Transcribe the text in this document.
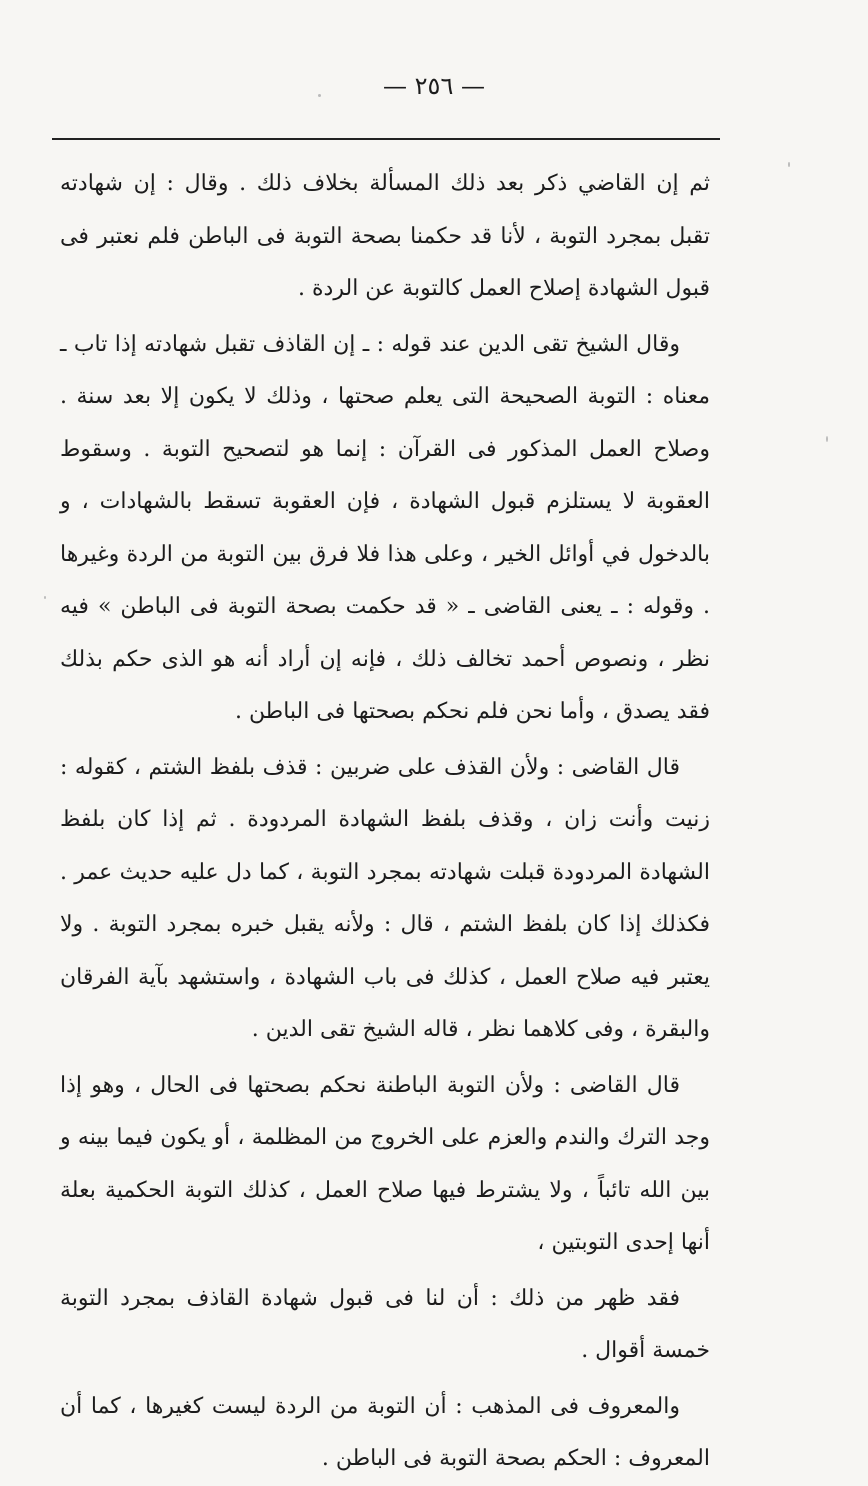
— ٢٥٦ —

ثم إن القاضي ذكر بعد ذلك المسألة بخلاف ذلك . وقال : إن شهادته تقبل بمجرد التوبة ، لأنا قد حكمنا بصحة التوبة فى الباطن فلم نعتبر فى قبول الشهادة إصلاح العمل كالتوبة عن الردة .

وقال الشيخ تقى الدين عند قوله : ـ إن القاذف تقبل شهادته إذا تاب ـ معناه : التوبة الصحيحة التى يعلم صحتها ، وذلك لا يكون إلا بعد سنة . وصلاح العمل المذكور فى القرآن : إنما هو لتصحيح التوبة . وسقوط العقوبة لا يستلزم قبول الشهادة ، فإن العقوبة تسقط بالشهادات ، و بالدخول في أوائل الخير ، وعلى هذا فلا فرق بين التوبة من الردة وغيرها . وقوله : ـ يعنى القاضى ـ « قد حكمت بصحة التوبة فى الباطن » فيه نظر ، ونصوص أحمد تخالف ذلك ، فإنه إن أراد أنه هو الذى حكم بذلك فقد يصدق ، وأما نحن فلم نحكم بصحتها فى الباطن .

قال القاضى : ولأن القذف على ضربين : قذف بلفظ الشتم ، كقوله : زنيت وأنت زان ، وقذف بلفظ الشهادة المردودة . ثم إذا كان بلفظ الشهادة المردودة قبلت شهادته بمجرد التوبة ، كما دل عليه حديث عمر . فكذلك إذا كان بلفظ الشتم ، قال : ولأنه يقبل خبره بمجرد التوبة . ولا يعتبر فيه صلاح العمل ، كذلك فى باب الشهادة ، واستشهد بآية الفرقان والبقرة ، وفى كلاهما نظر ، قاله الشيخ تقى الدين .

قال القاضى : ولأن التوبة الباطنة نحكم بصحتها فى الحال ، وهو إذا وجد الترك والندم والعزم على الخروج من المظلمة ، أو يكون فيما بينه و بين الله تائباً ، ولا يشترط فيها صلاح العمل ، كذلك التوبة الحكمية بعلة أنها إحدى التوبتين ،

فقد ظهر من ذلك : أن لنا فى قبول شهادة القاذف بمجرد التوبة خمسة أقوال .

والمعروف فى المذهب : أن التوبة من الردة ليست كغيرها ، كما أن المعروف : الحكم بصحة التوبة فى الباطن .
